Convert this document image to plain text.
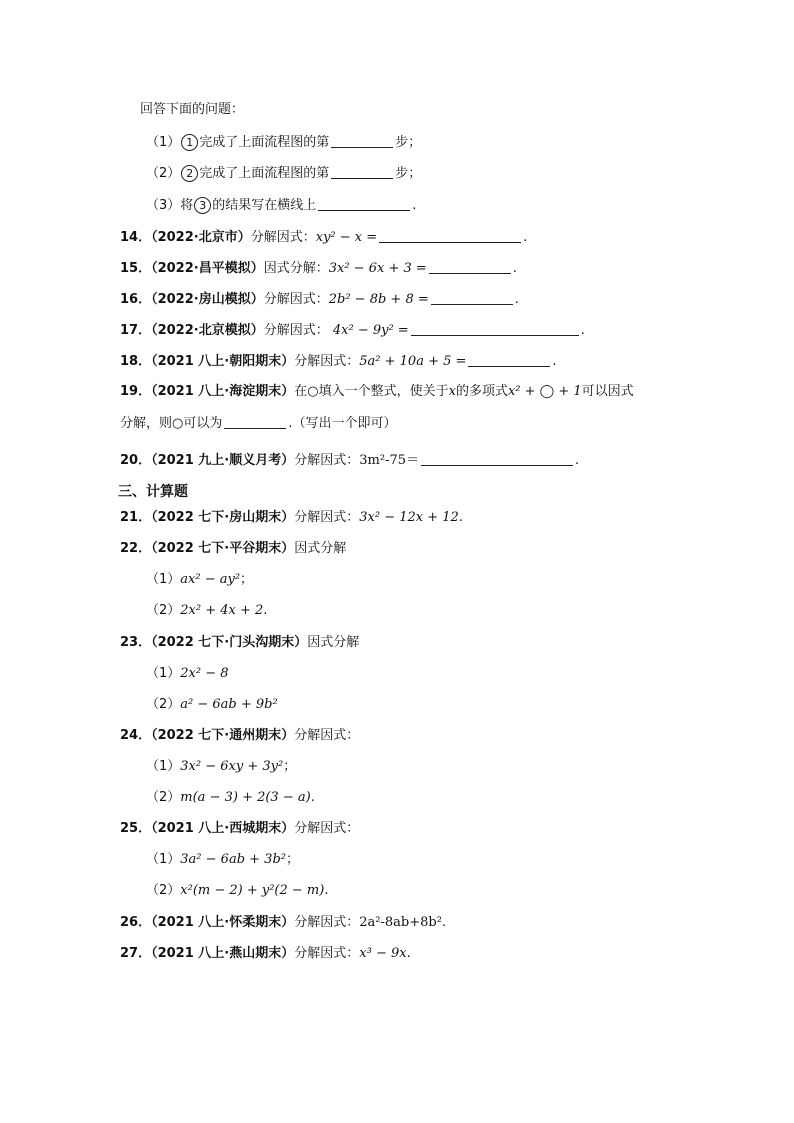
回答下面的问题：
（1） 1 完成了上面流程图的第	步；
（2） 2 完成了上面流程图的第	步；
（3）将 3 的结果写在横线上	.
14．（2022·北京市）分解因式：xy² − x =	.
15．（2022·昌平模拟）因式分解：3x² − 6x + 3 =	.
16．（2022·房山模拟）分解因式：2b² − 8b + 8 =	.
17．（2022·北京模拟）分解因式： 4x² − 9y² =	.
18．（2021 八上·朝阳期末）分解因式：5a² + 10a + 5 =	.
19．（2021 八上·海淀期末）在○填入一个整式，使关于x的多项式x² + ◯ + 1可以因式
分解，则○可以为	.（写出一个即可）
20．（2021 九上·顺义月考）分解因式：3m²-75＝	.
三、计算题
21．（2022 七下·房山期末）分解因式：3x² − 12x + 12.
22．（2022 七下·平谷期末）因式分解
（1）ax² − ay²；
（2）2x² + 4x + 2.
23．（2022 七下·门头沟期末）因式分解
（1）2x² − 8
（2）a² − 6ab + 9b²
24．（2022 七下·通州期末）分解因式：
（1）3x² − 6xy + 3y²；
（2）m(a − 3) + 2(3 − a).
25．（2021 八上·西城期末）分解因式：
（1）3a² − 6ab + 3b²；
（2）x²(m − 2) + y²(2 − m).
26．（2021 八上·怀柔期末）分解因式：2a²-8ab+8b².
27．（2021 八上·燕山期末）分解因式：x³ − 9x.
